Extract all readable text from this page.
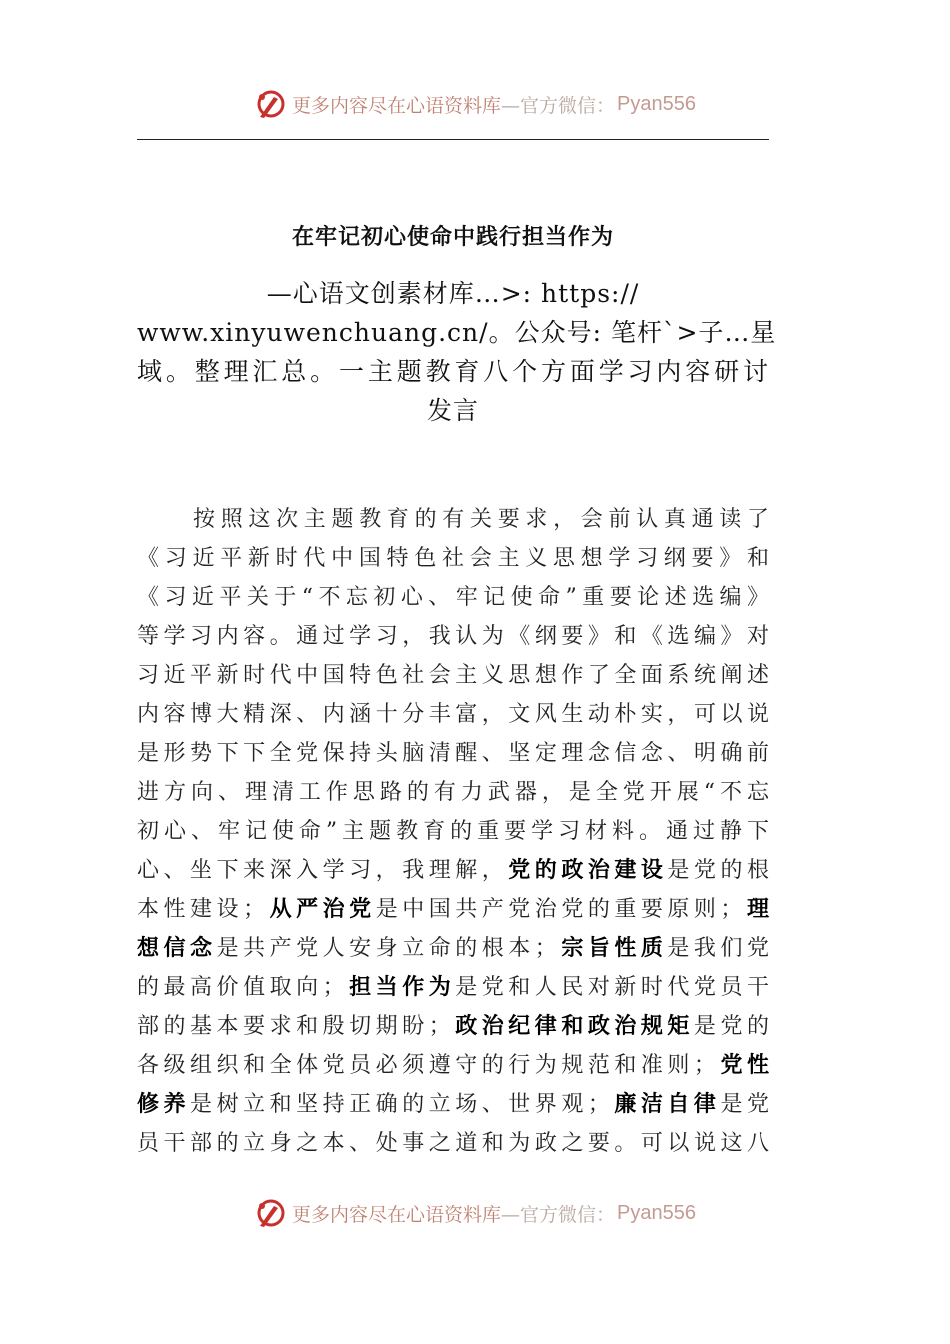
更多内容尽在心语资料库 —官方微信： Pyan556
在牢记初心使命中践行担当作为
—心语文创素材库…>: https://
www.xinyuwenchuang.cn/。公众号: 笔杆`>子…星
域。整理汇总。一主题教育八个方面学习内容研讨
发言
按照这次主题教育的有关要求，会前认真通读了
《习近平新时代中国特色社会主义思想学习纲要》和
《习近平关于“不忘初心、牢记使命”重要论述选编》
等学习内容。通过学习，我认为《纲要》和《选编》对
习近平新时代中国特色社会主义思想作了全面系统阐述
内容博大精深、内涵十分丰富，文风生动朴实，可以说
是形势下下全党保持头脑清醒、坚定理念信念、明确前
进方向、理清工作思路的有力武器，是全党开展“不忘
初心、牢记使命”主题教育的重要学习材料。通过静下
心、坐下来深入学习，我理解，党的政治建设是党的根
本性建设；从严治党是中国共产党治党的重要原则；理
想信念是共产党人安身立命的根本；宗旨性质是我们党
的最高价值取向；担当作为是党和人民对新时代党员干
部的基本要求和殷切期盼；政治纪律和政治规矩是党的
各级组织和全体党员必须遵守的行为规范和准则；党性
修养是树立和坚持正确的立场、世界观；廉洁自律是党
员干部的立身之本、处事之道和为政之要。可以说这八
更多内容尽在心语资料库 —官方微信： Pyan556
